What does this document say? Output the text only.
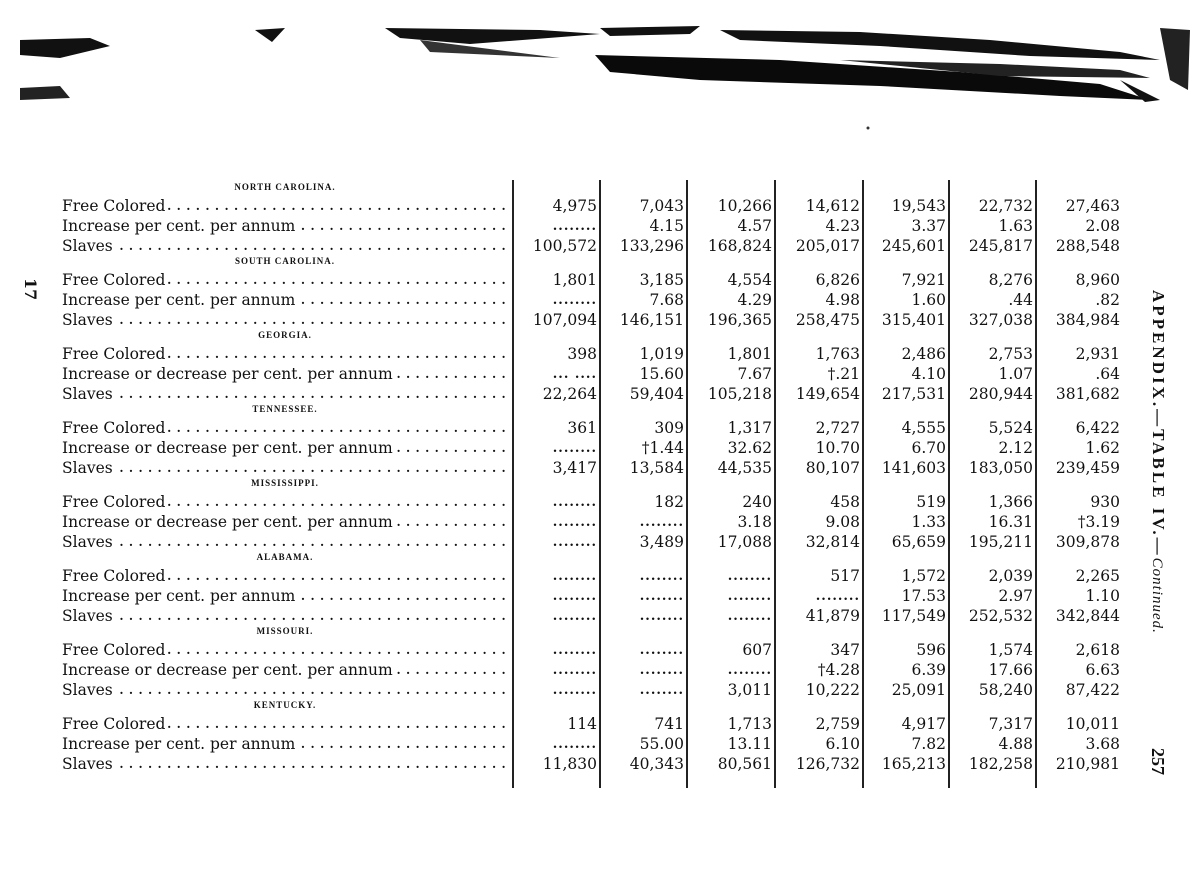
NORTH CAROLINA.
Free Colored . . .	4,975	7,043	10,266	14,612	19,543	22,732	27,463
Increase per cent. per annum . . .	........	4.15	4.57	4.23	3.37	1.63	2.08
Slaves . . .	100,572	133,296	168,824	205,017	245,601	245,817	288,548
SOUTH CAROLINA.
Free Colored . . .	1,801	3,185	4,554	6,826	7,921	8,276	8,960
Increase per cent. per annum . . .	........	7.68	4.29	4.98	1.60	.44	.82
Slaves . . .	107,094	146,151	196,365	258,475	315,401	327,038	384,984
GEORGIA.
Free Colored . . .	398	1,019	1,801	1,763	2,486	2,753	2,931
Increase or decrease per cent. per annum . . .	... ....	15.60	7.67	†.21	4.10	1.07	.64
Slaves . . .	22,264	59,404	105,218	149,654	217,531	280,944	381,682
TENNESSEE.
Free Colored . . .	361	309	1,317	2,727	4,555	5,524	6,422
Increase or decrease per cent. per annum . . .	........	†1.44	32.62	10.70	6.70	2.12	1.62
Slaves . . .	3,417	13,584	44,535	80,107	141,603	183,050	239,459
MISSISSIPPI.
Free Colored . . .	........	182	240	458	519	1,366	930
Increase or decrease per cent. per annum . . .	........	........	3.18	9.08	1.33	16.31	†3.19
Slaves . . .	........	3,489	17,088	32,814	65,659	195,211	309,878
ALABAMA.
Free Colored . . .	........	........	........	517	1,572	2,039	2,265
Increase per cent. per annum . . .	........	........	........	........	17.53	2.97	1.10
Slaves . . .	........	........	........	41,879	117,549	252,532	342,844
MISSOURI.
Free Colored . . .	........	........	607	347	596	1,574	2,618
Increase or decrease per cent. per annum . . .	........	........	........	†4.28	6.39	17.66	6.63
Slaves . . .	........	........	3,011	10,222	25,091	58,240	87,422
KENTUCKY.
Free Colored . . .	114	741	1,713	2,759	4,917	7,317	10,011
Increase per cent. per annum . . .	........	55.00	13.11	6.10	7.82	4.88	3.68
Slaves . . .	11,830	40,343	80,561	126,732	165,213	182,258	210,981
APPENDIX.—TABLE IV.—Continued.
257
17
